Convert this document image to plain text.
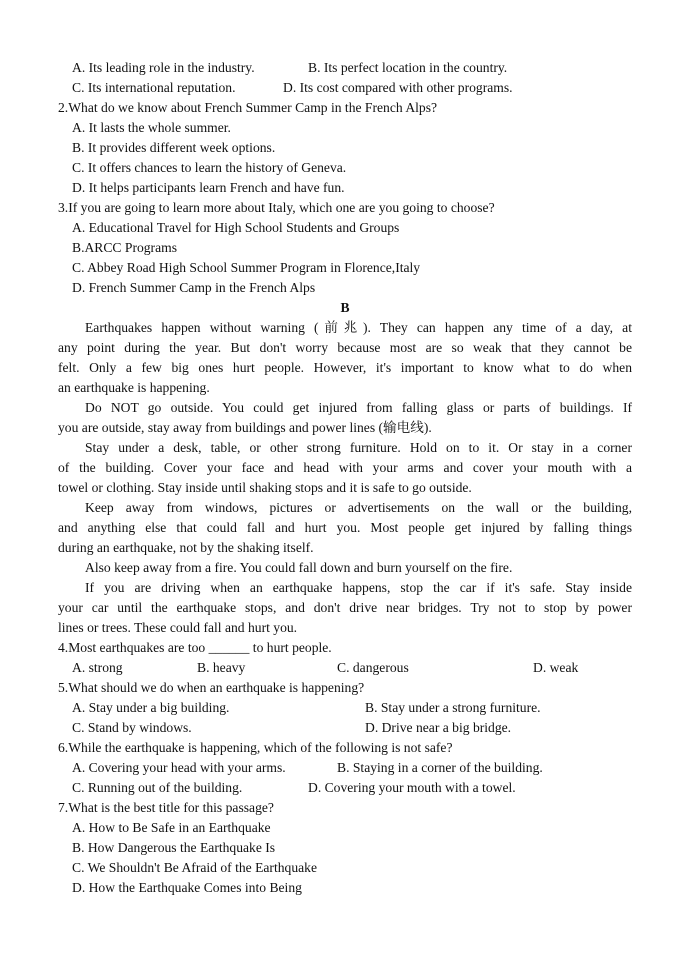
A. Its leading role in the industry.	B. Its perfect location in the country.
C. Its international reputation.	D. Its cost compared with other programs.
2.What do we know about French Summer Camp in the French Alps?
A. It lasts the whole summer.
B. It provides different week options.
C. It offers chances to learn the history of Geneva.
D. It helps participants learn French and have fun.
3.If you are going to learn more about Italy, which one are you going to choose?
A. Educational Travel for High School Students and Groups
B.ARCC Programs
C. Abbey Road High School Summer Program in Florence,Italy
D. French Summer Camp in the French Alps
B
Earthquakes happen without warning (前兆). They can happen any time of a day, at
any point during the year. But don't worry because most are so weak that they cannot be
felt. Only a few big ones hurt people. However, it's important to know what to do when
an earthquake is happening.
Do NOT go outside. You could get injured from falling glass or parts of buildings. If
you are outside, stay away from buildings and power lines (输电线).
Stay under a desk, table, or other strong furniture. Hold on to it. Or stay in a corner
of the building. Cover your face and head with your arms and cover your mouth with a
towel or clothing. Stay inside until shaking stops and it is safe to go outside.
Keep away from windows, pictures or advertisements on the wall or the building,
and anything else that could fall and hurt you. Most people get injured by falling things
during an earthquake, not by the shaking itself.
Also keep away from a fire. You could fall down and burn yourself on the fire.
If you are driving when an earthquake happens, stop the car if it's safe. Stay inside
your car until the earthquake stops, and don't drive near bridges. Try not to stop by power
lines or trees. These could fall and hurt you.
4.Most earthquakes are too ______ to hurt people.
A. strong	B. heavy	C. dangerous	D. weak
5.What should we do when an earthquake is happening?
A. Stay under a big building.	B. Stay under a strong furniture.
C. Stand by windows.	D. Drive near a big bridge.
6.While the earthquake is happening, which of the following is not safe?
A. Covering your head with your arms.	B. Staying in a corner of the building.
C. Running out of the building.	D. Covering your mouth with a towel.
7.What is the best title for this passage?
A. How to Be Safe in an Earthquake
B. How Dangerous the Earthquake Is
C. We Shouldn't Be Afraid of the Earthquake
D. How the Earthquake Comes into Being
